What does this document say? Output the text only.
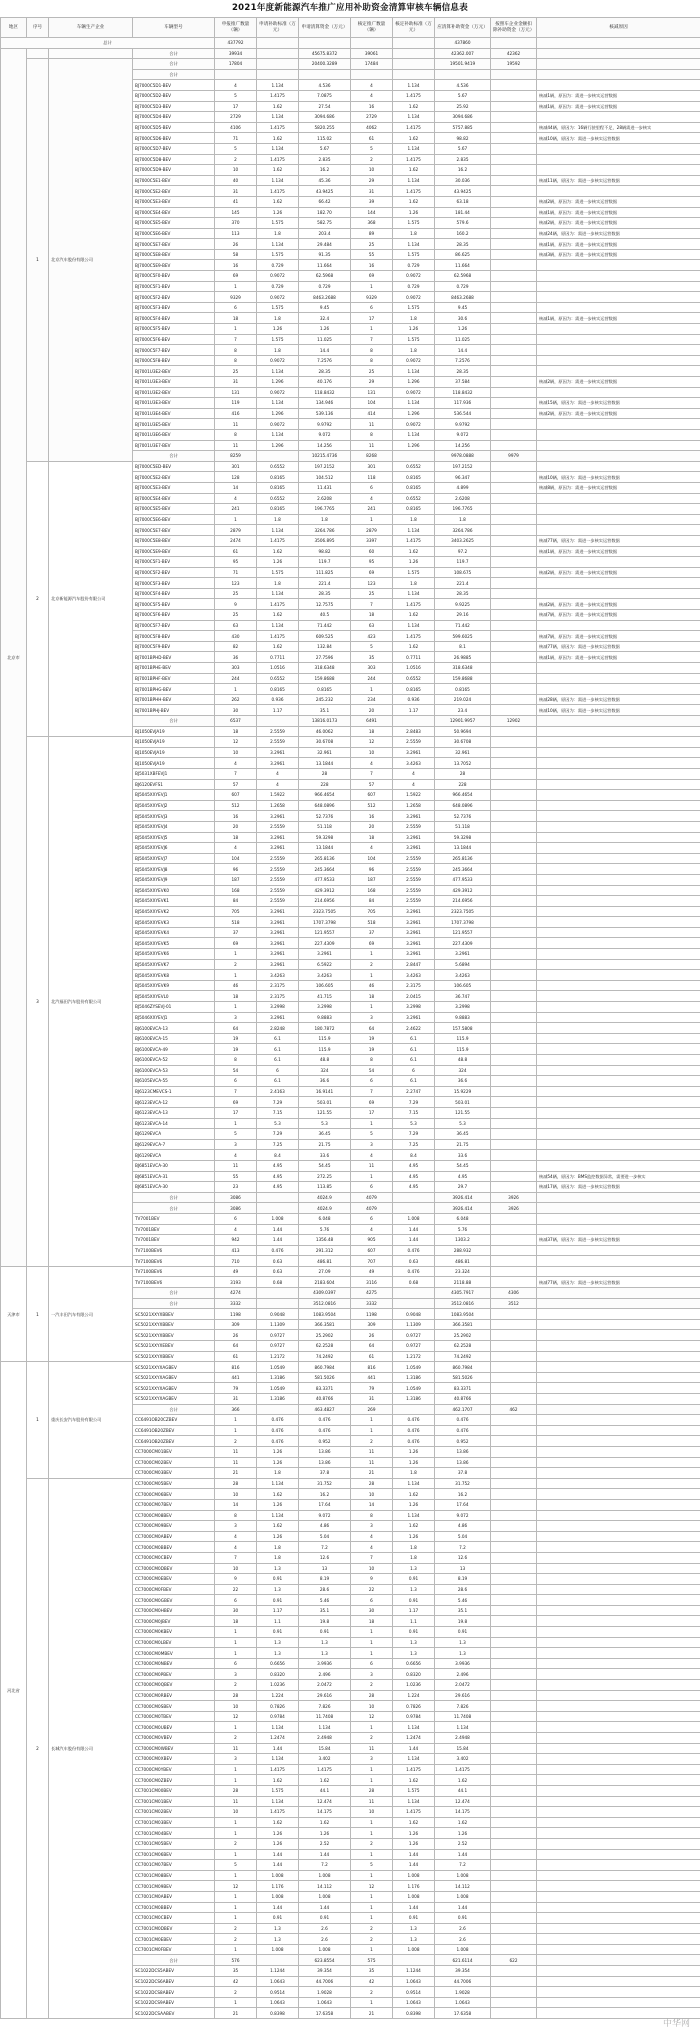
2021年度新能源汽车推广应用补助资金清算审核车辆信息表
地区	序号	车辆生产企业	车辆型号	申报推广数量（辆）	申请补助标准（万元）	申请清算资金（万元）	核定推广数量（辆）	核定补助标准（万元）	应清算补助资金（万元）	按照车企业金额扣除补助资金（万元）	核减原因
总计				437792					437860		
北京市			合计	39934		45675.8372	39061		42362.007	42362	
	1	北京汽车股份有限公司	合计	17804		20400.3289	17484		19501.9419	19592	
			合计								
			BJ7000C5D1-BEV	4	1.134	4.536	4	1.134	4.536		
			BJ7000C5D2-BEV	5	1.4175	7.0875	4	1.4175	5.67		核减1辆，原因为：需进一步核实运营数据
			BJ7000C5D3-BEV	17	1.62	27.54	16	1.62	25.92		核减1辆，原因为：需进一步核实运营数据
			BJ7000C5D4-BEV	2729	1.134	3094.686	2729	1.134	3094.686		
			BJ7000C5D5-BEV	4106	1.4175	5820.255	4062	1.4175	5757.885		核减44辆，原因为：16辆行驶里程不足，28辆需进一步核实
			BJ7000C5D6-BEV	71	1.62	115.02	61	1.62	98.82		核减10辆，原因为：需进一步核实运营数据
			BJ7000C5D7-BEV	5	1.134	5.67	5	1.134	5.67		
			BJ7000C5D8-BEV	2	1.4175	2.835	2	1.4175	2.835		
			BJ7000C5D9-BEV	10	1.62	16.2	10	1.62	16.2		
			BJ7000C5E1-BEV	40	1.134	45.36	29	1.134	30.036		核减11辆，原因为：需进一步核实运营数据
			BJ7000C5E2-BEV	31	1.4175	43.9425	31	1.4175	43.9425		
			BJ7000C5E3-BEV	41	1.62	66.42	39	1.62	63.18		核减2辆，原因为：需进一步核实运营数据
			BJ7000C5E4-BEV	145	1.26	182.70	144	1.26	181.44		核减1辆，原因为：需进一步核实运营数据
			BJ7000C5E5-BEV	370	1.575	582.75	368	1.575	579.6		核减2辆，原因为：需进一步核实运营数据
			BJ7000C5E6-BEV	113	1.8	203.4	89	1.8	160.2		核减24辆，原因为：需进一步核实运营数据
			BJ7000C5E7-BEV	26	1.134	29.484	25	1.134	28.35		核减1辆，原因为：需进一步核实运营数据
			BJ7000C5E8-BEV	58	1.575	91.35	55	1.575	86.625		核减3辆，原因为：需进一步核实运营数据
			BJ7000C5E9-BEV	16	0.729	11.664	16	0.729	11.664		
			BJ7000C5F0-BEV	69	0.9072	62.5968	69	0.9072	62.5968		
			BJ7000C5F1-BEV	1	0.729	0.729	1	0.729	0.729		
			BJ7000C5F2-BEV	9329	0.9072	8463.2688	9329	0.9072	8463.2688		
			BJ7000C5F3-BEV	6	1.575	9.45	6	1.575	9.45		
			BJ7000C5F4-BEV	18	1.8	32.4	17	1.8	30.6		核减1辆，原因为：需进一步核实运营数据
			BJ7000C5F5-BEV	1	1.26	1.26	1	1.26	1.26		
			BJ7000C5F6-BEV	7	1.575	11.025	7	1.575	11.025		
			BJ7000C5F7-BEV	8	1.8	14.4	8	1.8	14.4		
			BJ7000C5F8-BEV	8	0.9072	7.2576	8	0.9072	7.2576		
			BJ7001U3E2-BEV	25	1.134	28.35	25	1.134	28.35		
			BJ7001U3E3-BEV	31	1.296	40.176	29	1.296	37.584		核减2辆，原因为：需进一步核实运营数据
			BJ7001U3E2-BEV	131	0.9072	118.8432	131	0.9072	118.8432		
			BJ7001U3E3-BEV	119	1.134	134.946	104	1.134	117.936		核减15辆，原因为：需进一步核实运营数据
			BJ7001U3E4-BEV	416	1.296	539.136	414	1.296	536.544		核减2辆，原因为：需进一步核实运营数据
			BJ7001U3E5-BEV	11	0.9072	9.9792	11	0.9072	9.9792		
			BJ7001U3E6-BEV	8	1.134	9.072	8	1.134	9.072		
			BJ7001U3E7-BEV	11	1.296	14.256	11	1.296	14.256		
			合计	8259		10215.4736	8268		9978.0888	9979	
	2	北京新能源汽车股份有限公司	BJ7000C5ED-BEV	301	0.6552	197.2152	301	0.6552	197.2152		
			BJ7000C5E2-BEV	128	0.8165	104.512	118	0.8165	96.347		核减10辆，原因为：需进一步核实运营数据
			BJ7000C5E3-BEV	14	0.8165	11.431	6	0.8165	4.899		核减8辆，原因为：需进一步核实运营数据
			BJ7000C5E4-BEV	4	0.6552	2.6208	4	0.6552	2.6208		
			BJ7000C5E5-BEV	241	0.8165	196.7765	241	0.8165	196.7765		
			BJ7000C5E6-BEV	1	1.8	1.8	1	1.8	1.8		
			BJ7000C5E7-BEV	2879	1.134	3264.786	2879	1.134	3264.786		
			BJ7000C5E8-BEV	2474	1.4175	3506.895	3397	1.4175	3403.2625		核减77辆，原因为：需进一步核实运营数据
			BJ7000C5E9-BEV	61	1.62	98.82	60	1.62	97.2		核减1辆，原因为：需进一步核实运营数据
			BJ7000C5F1-BEV	95	1.26	119.7	95	1.26	119.7		
			BJ7000C5F2-BEV	71	1.575	111.825	69	1.575	108.675		核减2辆，原因为：需进一步核实运营数据
			BJ7000C5F3-BEV	123	1.8	221.4	123	1.8	221.4		
			BJ7000C5F4-BEV	25	1.134	28.35	25	1.134	28.35		
			BJ7000C5F5-BEV	9	1.4175	12.7575	7	1.4175	9.9225		核减2辆，原因为：需进一步核实运营数据
			BJ7000C5F6-BEV	25	1.62	40.5	18	1.62	29.16		核减7辆，原因为：需进一步核实运营数据
			BJ7000C5F7-BEV	63	1.134	71.442	63	1.134	71.442		
			BJ7000C5F8-BEV	430	1.4175	609.525	423	1.4175	599.6025		核减7辆，原因为：需进一步核实运营数据
			BJ7000C5F9-BEV	82	1.62	132.84	5	1.62	8.1		核减77辆，原因为：需进一步核实运营数据
			BJ7001BPHD-BEV	36	0.7711	27.7596	35	0.7711	26.9885		核减1辆，原因为：需进一步核实运营数据
			BJ7001BPHE-BEV	303	1.0516	318.6348	303	1.0516	318.6348		
			BJ7001BPHF-BEV	244	0.6552	159.8688	244	0.6552	159.8688		
			BJ7001BPHG-BEV	1	0.8165	0.8165	1	0.8165	0.8165		
			BJ7001BPHH-BEV	262	0.936	245.232	234	0.936	219.024		核减28辆，原因为：需进一步核实运营数据
			BJ7001BPHJ-BEV	30	1.17	35.1	20	1.17	23.4		核减10辆，原因为：需进一步核实运营数据
			合计	6537		13816.0173	6491		12901.9957	12902	
			BJ1050EVJA19	18	2.5559	46.0062	18	2.8483	50.9694		
	3	北汽福田汽车股份有限公司	BJ1050EVJA19	12	2.5559	30.6708	12	2.5559	30.6708		
			BJ1050EVJA19	10	3.2961	32.961	10	3.2961	32.961		
			BJ1050EVJA19	4	3.2961	13.1844	4	3.4263	13.7052		
			BJ5031XBFEVJ1	7	4	28	7	4	28		
			BJ6120EVFS1	57	4	228	57	4	228		
			BJ5045XXYEVJ1	607	1.5922	966.4654	607	1.5922	966.4654		
			BJ5045XXYEVJ2	512	1.2658	648.0896	512	1.2658	648.0896		
			BJ5045XXYEVJ3	16	3.2961	52.7376	16	3.2961	52.7376		
			BJ5045XXYEVJ4	20	2.5559	51.118	20	2.5559	51.118		
			BJ5045XXYEVJ5	18	3.2961	59.3298	18	3.2961	59.3298		
			BJ5045XXYEVJ6	4	3.2961	13.1844	4	3.2961	13.1844		
			BJ5045XXYEVJ7	104	2.5559	265.8136	104	2.5559	265.8136		
			BJ5045XXYEVJ8	96	2.5559	245.3664	96	2.5559	245.3664		
			BJ5045XXYEVJ9	187	2.5559	477.9533	187	2.5559	477.9533		
			BJ5045XXYEVK0	168	2.5559	429.3912	168	2.5559	429.3912		
			BJ5045XXYEVK1	84	2.5559	214.6956	84	2.5559	214.6956		
			BJ5045XXYEVK2	705	3.2961	2323.7505	705	3.2961	2323.7505		
			BJ5045XXYEVK3	518	3.2961	1707.3798	518	3.2961	1707.3798		
			BJ5045XXYEVK4	37	3.2961	121.9557	37	3.2961	121.9557		
			BJ5045XXYEVK5	69	3.2961	227.4309	69	3.2961	227.4309		
			BJ5045XXYEVK6	1	3.2961	3.2961	1	3.2961	3.2961		
			BJ5045XXYEVK7	2	3.2961	6.5922	2	2.8447	5.6894		
			BJ5045XXYEVK8	1	3.4263	3.4263	1	3.4263	3.4263		
			BJ5045XXYEVK9	46	2.3175	106.605	46	2.3175	106.605		
			BJ5045XXYEVL0	18	2.3175	41.715	18	2.0415	36.747		
			BJ5046ZYSEVJ-01	1	3.2998	3.2998	1	3.2998	3.2998		
			BJ5046XXYEVJ1	3	3.2961	9.8883	3	3.2961	9.8883		
			BJ6100EVCA-13	64	2.8248	180.7872	64	2.4622	157.5808		
			BJ6100EVCA-15	19	6.1	115.9	19	6.1	115.9		
			BJ6100EVCA-49	19	6.1	115.9	19	6.1	115.9		
			BJ6100EVCA-52	8	6.1	48.8	8	6.1	48.8		
			BJ6100EVCA-53	54	6	324	54	6	324		
			BJ6105EVCA-55	6	6.1	36.6	6	6.1	36.6		
			BJ6123CMEVCS-1	7	2.4163	16.9141	7	2.2747	15.9229		
			BJ6123EVCA-12	69	7.29	503.01	69	7.29	503.01		
			BJ6123EVCA-13	17	7.15	121.55	17	7.15	121.55		
			BJ6123EVCA-14	1	5.3	5.3	1	5.3	5.3		
			BJ6129EVCA	5	7.29	36.45	5	7.29	36.45		
			BJ6129EVCA-7	3	7.25	21.75	3	7.25	21.75		
			BJ6129EVCA	4	8.4	33.6	4	8.4	33.6		
			BJ6851EVCA-30	11	4.95	54.45	11	4.95	54.45		
			BJ6851EVCA-31	55	4.95	272.25	1	4.95	4.95		核减54辆，原因为：BMS监控数据异常，需要进一步核实
			BJ6851EVCA-30	23	4.95	113.85	6	4.95	29.7		核减17辆，原因为：需进一步核实运营数据
			合计	3086		4024.9	4079		3926.414	3926	
			合计	3086		4024.9	4079		3926.414	3926	
			TV7001BEV	6	1.008	6.048	6	1.008	6.048		
			TV7001BEV	4	1.44	5.76	4	1.44	5.76		
			TV7001BEV	942	1.44	1356.48	905	1.44	1303.2		核减37辆，原因为：需进一步核实运营数据
			TV7100BEV6	413	0.476	291.312	607	0.476	288.932		
			TV7100BEV6	710	0.63	486.81	707	0.63	486.81		
天津市	1	一汽丰田汽车有限公司	TV7100BEV6	49	0.63	27.09	49	0.476	23.324		
			TV7100BEV6	3193	0.68	2183.604	3116	0.68	2118.88		核减77辆，原因为：需进一步核实运营数据
			合计	4274		4309.0397	4275		4305.7917	4306	
			合计	3332		3512.0816	3332		3512.0816	3512	
			SC5021XXYXBBEV	1198	0.9048	1083.9504	1198	0.9048	1083.9504		
			SC5021XXYXBBEV	309	1.1309	366.3581	309	1.1309	366.3581		
			SC5021XXYXBBEV	26	0.9727	25.2902	26	0.9727	25.2902		
			SC5021XXYXEBEV	64	0.9727	62.2528	64	0.9727	62.2528		
			SC5021XXYXBBEV	61	1.2172	74.2492	61	1.2172	74.2492		
河北省	1	重庆长安汽车股份有限公司	SC5021XXYXAGBEV	816	1.0549	860.7984	816	1.0549	860.7984		
			SC5021XXYXAGBEV	441	1.3186	581.5026	441	1.3186	581.5026		
			SC5021XXYXAGBEV	79	1.0549	83.3371	79	1.0549	83.3371		
			SC5021XXYXAGBEV	31	1.3186	40.8766	31	1.3186	40.8766		
			合计	366		463.4827	269		462.1707	462	
			CC6491OB20CZBEV	1	0.476	0.476	1	0.476	0.476		
			CC6491OB20ZBEV	1	0.476	0.476	1	0.476	0.476		
			CC6491OB20ZBEV	2	0.476	0.952	2	0.476	0.952		
			CC7000CM01BEV	11	1.26	13.86	11	1.26	13.86		
			CC7000CM02BEV	11	1.26	13.86	11	1.26	13.86		
			CC7000CM03BEV	21	1.8	37.8	21	1.8	37.8		
	2	长城汽车股份有限公司	CC7000CM05BEV	28	1.134	31.752	28	1.134	31.752		
			CC7000CM06BEV	10	1.62	16.2	10	1.62	16.2		
			CC7000CM07BEV	14	1.26	17.64	14	1.26	17.64		
			CC7000CM08BEV	8	1.134	9.072	8	1.134	9.072		
			CC7000CM09BEV	3	1.62	4.86	3	1.62	4.86		
			CC7000CM0ABEV	4	1.26	5.04	4	1.26	5.04		
			CC7000CM0BBEV	4	1.8	7.2	4	1.8	7.2		
			CC7000CM0CBEV	7	1.8	12.6	7	1.8	12.6		
			CC7000CM0DBEV	10	1.3	13	10	1.3	13		
			CC7000CM0EBEV	9	0.91	8.19	9	0.91	8.19		
			CC7000CM0FBEV	22	1.3	28.6	22	1.3	28.6		
			CC7000CM0GBEV	6	0.91	5.46	6	0.91	5.46		
			CC7000CM0HBEV	30	1.17	35.1	30	1.17	35.1		
			CC7000CM0JBEV	18	1.1	19.8	18	1.1	19.8		
			CC7000CM0KBEV	1	0.91	0.91	1	0.91	0.91		
			CC7000CM0LBEV	1	1.3	1.3	1	1.3	1.3		
			CC7000CM0MBEV	1	1.3	1.3	1	1.3	1.3		
			CC7000CM0NBEV	6	0.6656	3.9936	6	0.6656	3.9936		
			CC7000CM0PBEV	3	0.8320	2.496	3	0.8320	2.496		
			CC7000CM0QBEV	2	1.0236	2.0472	2	1.0236	2.0472		
			CC7000CM0RBEV	28	1.224	29.616	28	1.224	29.616		
			CC7000CM0SBEV	10	0.7826	7.826	10	0.7826	7.826		
			CC7000CM0TBEV	12	0.9784	11.7408	12	0.9784	11.7408		
			CC7000CM0UBEV	1	1.134	1.134	1	1.134	1.134		
			CC7000CM0VBEV	2	1.2474	2.4948	2	1.2474	2.4948		
			CC7000CM0WBEV	11	1.44	15.84	11	1.44	15.84		
			CC7000CM0XBEV	3	1.134	3.402	3	1.134	3.402		
			CC7000CM0YBEV	1	1.4175	1.4175	1	1.4175	1.4175		
			CC7000CM0ZBEV	1	1.62	1.62	1	1.62	1.62		
			CC7001CM00BEV	28	1.575	44.1	28	1.575	44.1		
			CC7001CM01BEV	11	1.134	12.474	11	1.134	12.474		
			CC7001CM02BEV	10	1.4175	14.175	10	1.4175	14.175		
			CC7001CM03BEV	1	1.62	1.62	1	1.62	1.62		
			CC7001CM04BEV	1	1.26	1.26	1	1.26	1.26		
			CC7001CM05BEV	2	1.26	2.52	2	1.26	2.52		
			CC7001CM06BEV	1	1.44	1.44	1	1.44	1.44		
			CC7001CM07BEV	5	1.44	7.2	5	1.44	7.2		
			CC7001CM08BEV	1	1.008	1.008	1	1.008	1.008		
			CC7001CM09BEV	12	1.176	14.112	12	1.176	14.112		
			CC7001CM0ABEV	1	1.008	1.008	1	1.008	1.008		
			CC7001CM0BBEV	1	1.44	1.44	1	1.44	1.44		
			CC7001CM0CBEV	1	0.91	0.91	1	0.91	0.91		
			CC7001CM0DBEV	2	1.3	2.6	2	1.3	2.6		
			CC7001CM0EBEV	2	1.3	2.6	2	1.3	2.6		
			CC7001CM0FBEV	1	1.008	1.008	1	1.008	1.008		
			合计	576		623.8554	575		621.6114	622	
			SC1022DCS5ABEV	35	1.1244	39.354	35	1.1244	39.354		
			SC1022DCS6ABEV	42	1.0643	44.7006	42	1.0643	44.7006		
			SC1022DCS8ABEV	2	0.9514	1.9028	2	0.9514	1.9028		
			SC1022DCS9ABEV	1	1.0643	1.0643	1	1.0643	1.0643		
			SC1022DCSAABEV	21	0.8398	17.6358	21	0.8398	17.6358		
中华网
